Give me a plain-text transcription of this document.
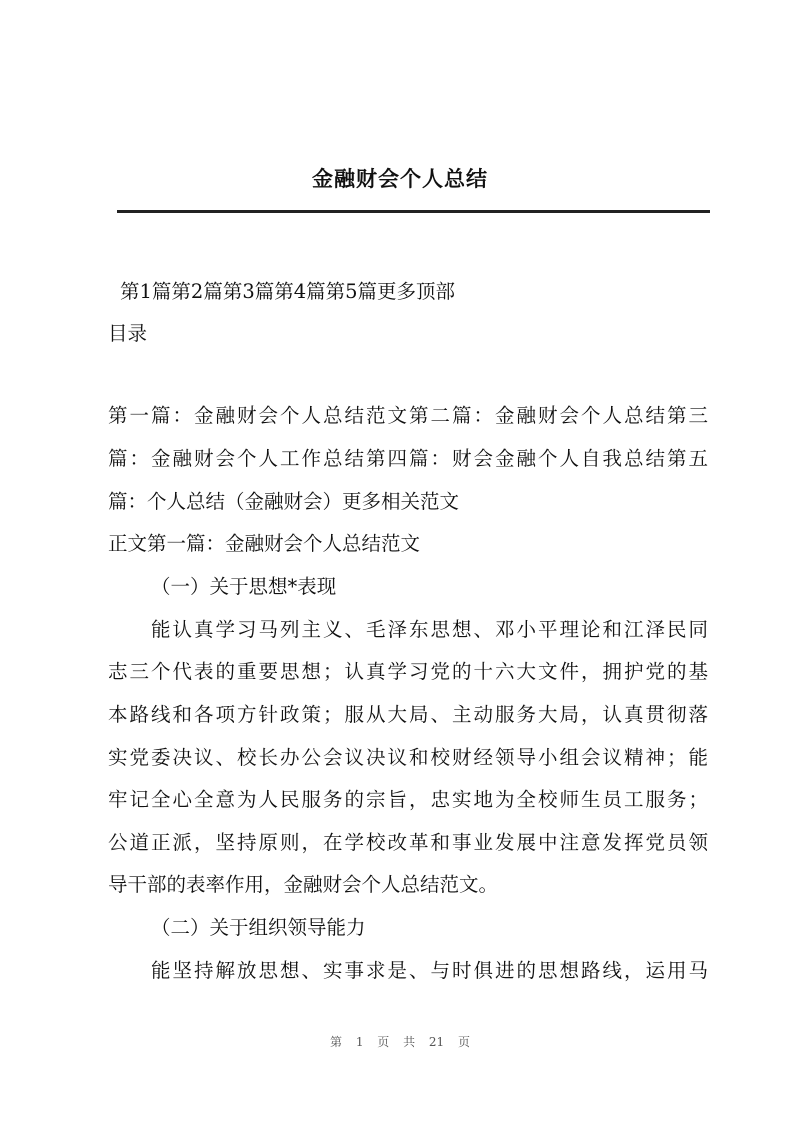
金融财会个人总结
第1篇第2篇第3篇第4篇第5篇更多顶部
目录
第一篇：金融财会个人总结范文第二篇：金融财会个人总结第三
篇：金融财会个人工作总结第四篇：财会金融个人自我总结第五
篇：个人总结（金融财会）更多相关范文
正文第一篇：金融财会个人总结范文
（一）关于思想*表现
能认真学习马列主义、毛泽东思想、邓小平理论和江泽民同
志三个代表的重要思想；认真学习党的十六大文件，拥护党的基
本路线和各项方针政策；服从大局、主动服务大局，认真贯彻落
实党委决议、校长办公会议决议和校财经领导小组会议精神；能
牢记全心全意为人民服务的宗旨，忠实地为全校师生员工服务；
公道正派，坚持原则，在学校改革和事业发展中注意发挥党员领
导干部的表率作用，金融财会个人总结范文。
（二）关于组织领导能力
能坚持解放思想、实事求是、与时俱进的思想路线，运用马
第 1 页 共 21 页
